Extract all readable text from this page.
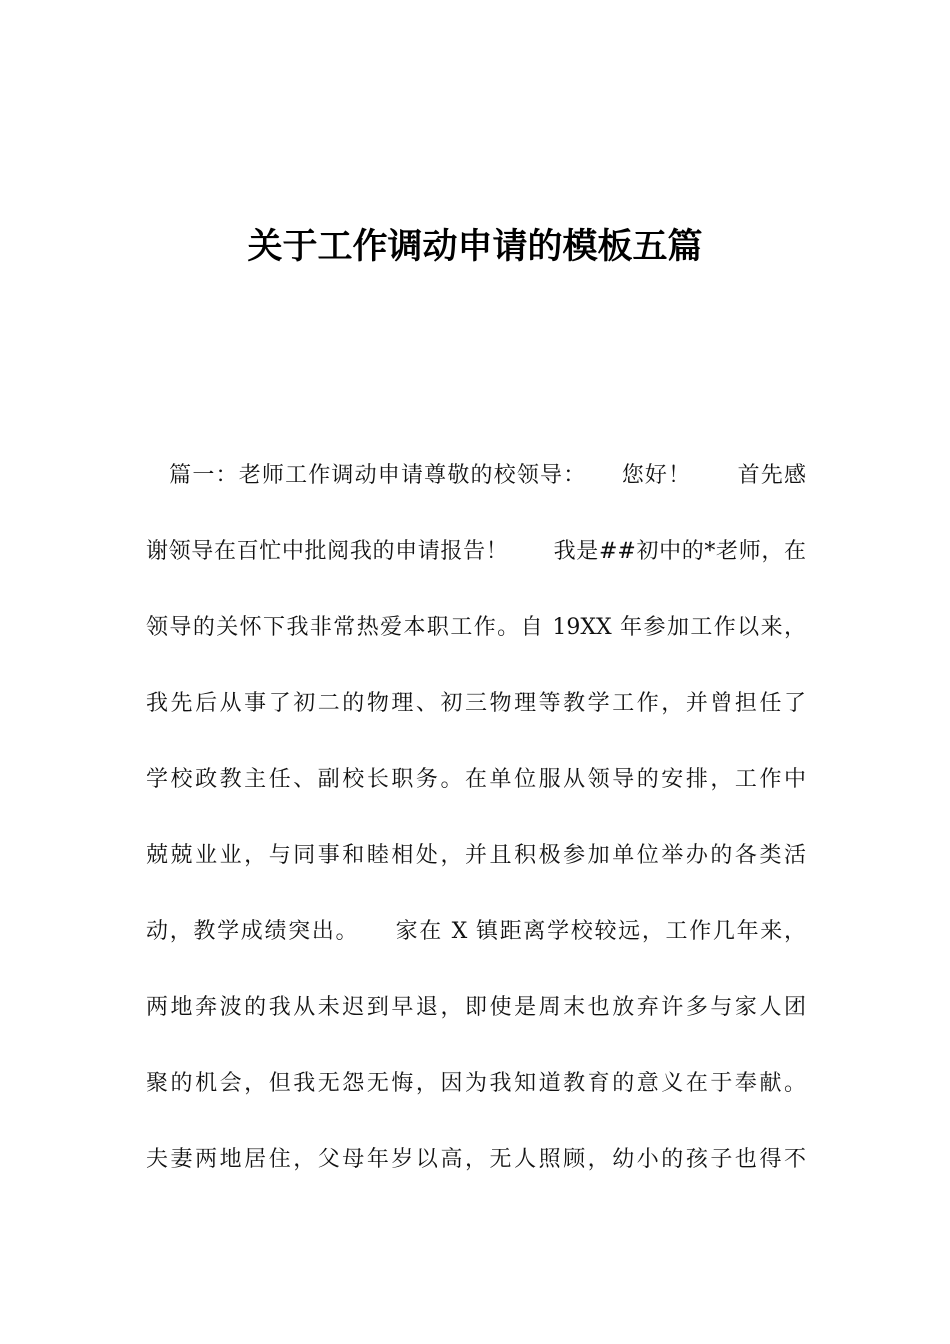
关于工作调动申请的模板五篇
　篇一：老师工作调动申请尊敬的校领导：　　您好！　　首先感
谢领导在百忙中批阅我的申请报告！　　我是##初中的*老师，在
领导的关怀下我非常热爱本职工作。自 19XX 年参加工作以来，
我先后从事了初二的物理、初三物理等教学工作，并曾担任了
学校政教主任、副校长职务。在单位服从领导的安排，工作中
兢兢业业，与同事和睦相处，并且积极参加单位举办的各类活
动，教学成绩突出。　　家在 X 镇距离学校较远，工作几年来，
两地奔波的我从未迟到早退，即使是周末也放弃许多与家人团
聚的机会，但我无怨无悔，因为我知道教育的意义在于奉献。
夫妻两地居住，父母年岁以高，无人照顾，幼小的孩子也得不
